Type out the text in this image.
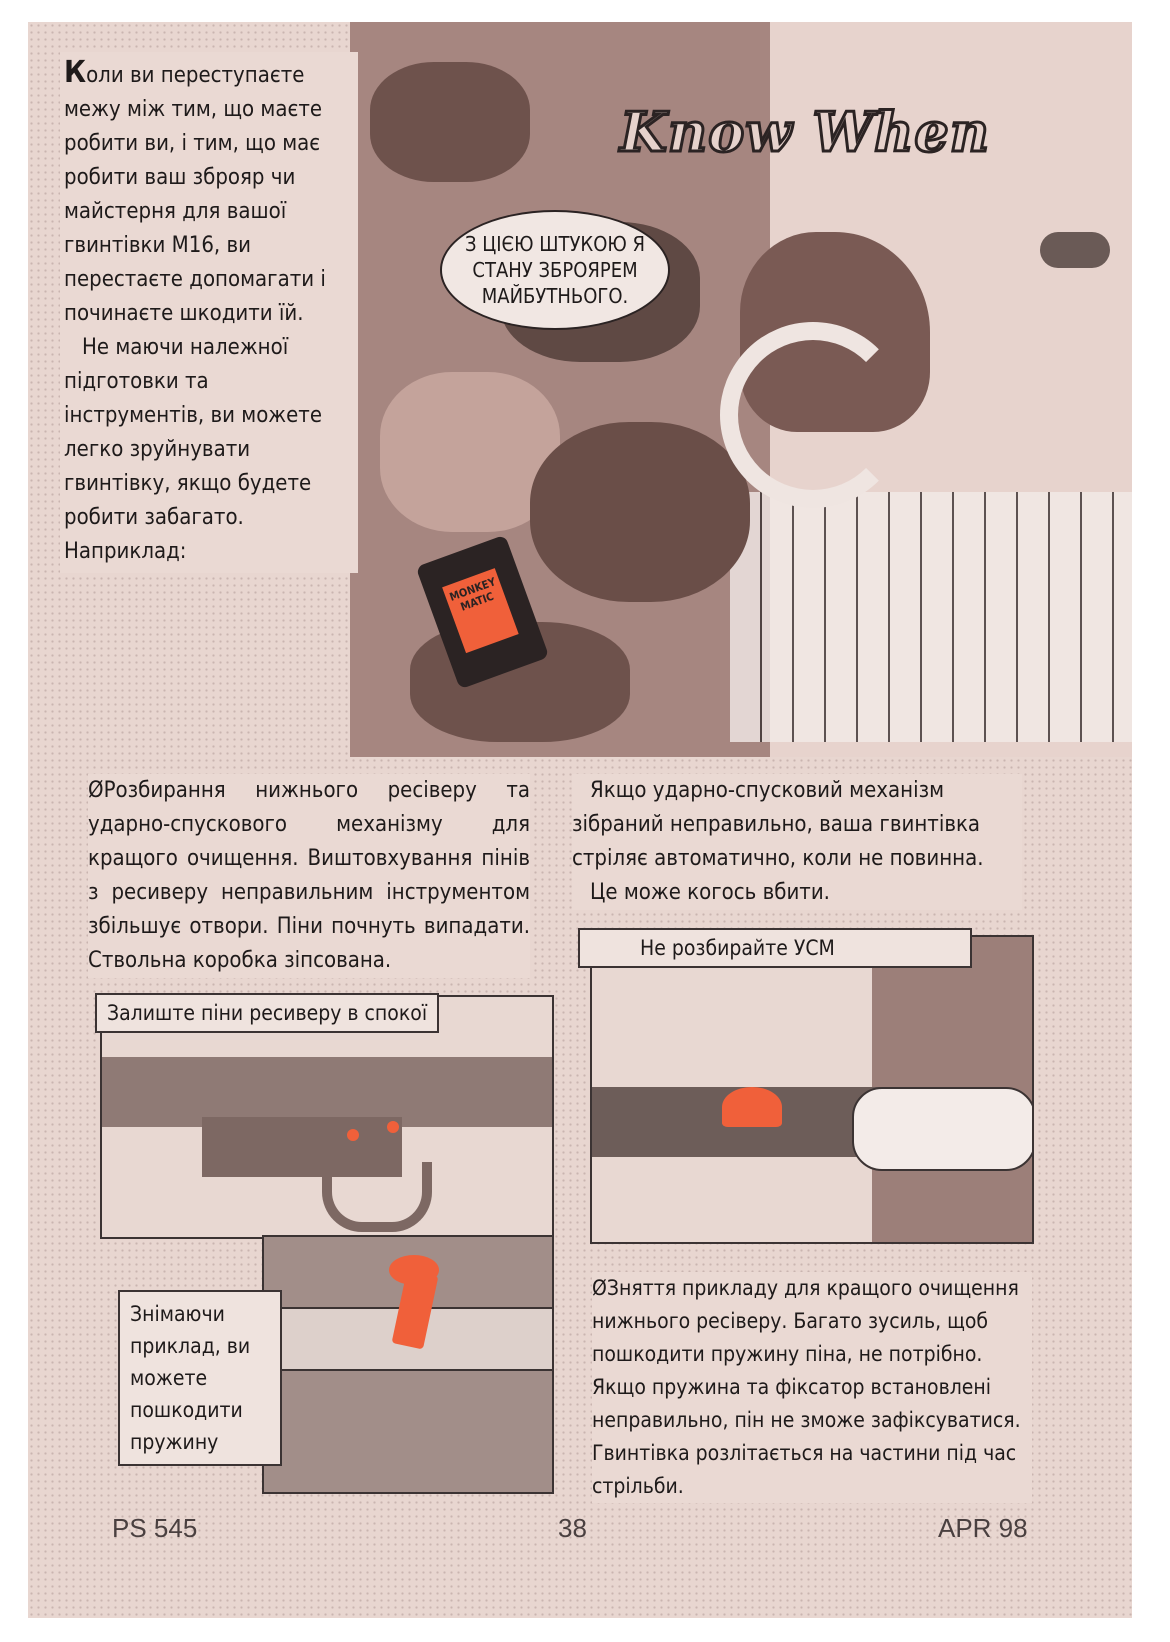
MONKEY MATIC
Know When
З ЦІЄЮ ШТУКОЮ Я СТАНУ ЗБРОЯРЕМ МАЙБУТНЬОГО.

Коли ви переступаєте межу між тим, що маєте робити ви, і тим, що має робити ваш зброяр чи майстерня для вашої гвинтівки M16, ви перестаєте допомагати і починаєте шкодити їй.

Не маючи належної підготовки та інструментів, ви можете легко зруйнувати гвинтівку, якщо будете робити забагато. Наприклад:

ØРозбирання нижнього ресіверу та ударно-спускового механізму для кращого очищення. Виштовхування пінів з ресиверу неправильним інструментом збільшує отвори. Піни почнуть випадати. Ствольна коробка зіпсована.
Залиште піни ресиверу в спокої
Знімаючи приклад, ви можете пошкодити пружину

Якщо ударно-спусковий механізм зібраний неправильно, ваша гвинтівка стріляє автоматично, коли не повинна.

Це може когось вбити.

Не розбирайте УСМ
ØЗняття прикладу для кращого очищення нижнього ресіверу. Багато зусиль, щоб пошкодити пружину піна, не потрібно. Якщо пружина та фіксатор встановлені неправильно, пін не зможе зафіксуватися. Гвинтівка розлітається на частини під час стрільби.
PS 545	38	APR 98
